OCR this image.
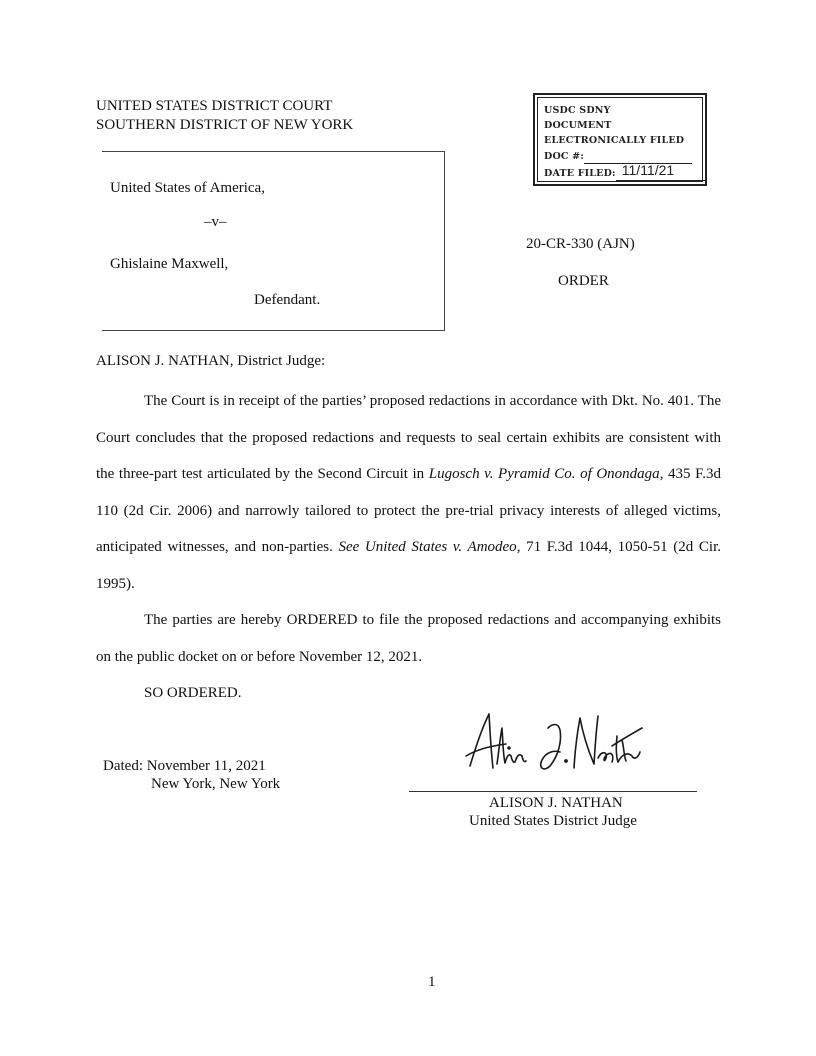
UNITED STATES DISTRICT COURT
SOUTHERN DISTRICT OF NEW YORK
USDC SDNY
DOCUMENT
ELECTRONICALLY FILED
DOC #:
DATE FILED: 11/11/21
United States of America,
–v–
Ghislaine Maxwell,
Defendant.
20-CR-330 (AJN)
ORDER
ALISON J. NATHAN, District Judge:

The Court is in receipt of the parties’ proposed redactions in accordance with Dkt. No. 401. The Court concludes that the proposed redactions and requests to seal certain exhibits are consistent with the three-part test articulated by the Second Circuit in Lugosch v. Pyramid Co. of Onondaga, 435 F.3d 110 (2d Cir. 2006) and narrowly tailored to protect the pre-trial privacy interests of alleged victims, anticipated witnesses, and non-parties. See United States v. Amodeo, 71 F.3d 1044, 1050-51 (2d Cir. 1995).

The parties are hereby ORDERED to file the proposed redactions and accompanying exhibits on the public docket on or before November 12, 2021.

SO ORDERED.

Dated: November 11, 2021
New York, New York
ALISON J. NATHAN
United States District Judge
1
